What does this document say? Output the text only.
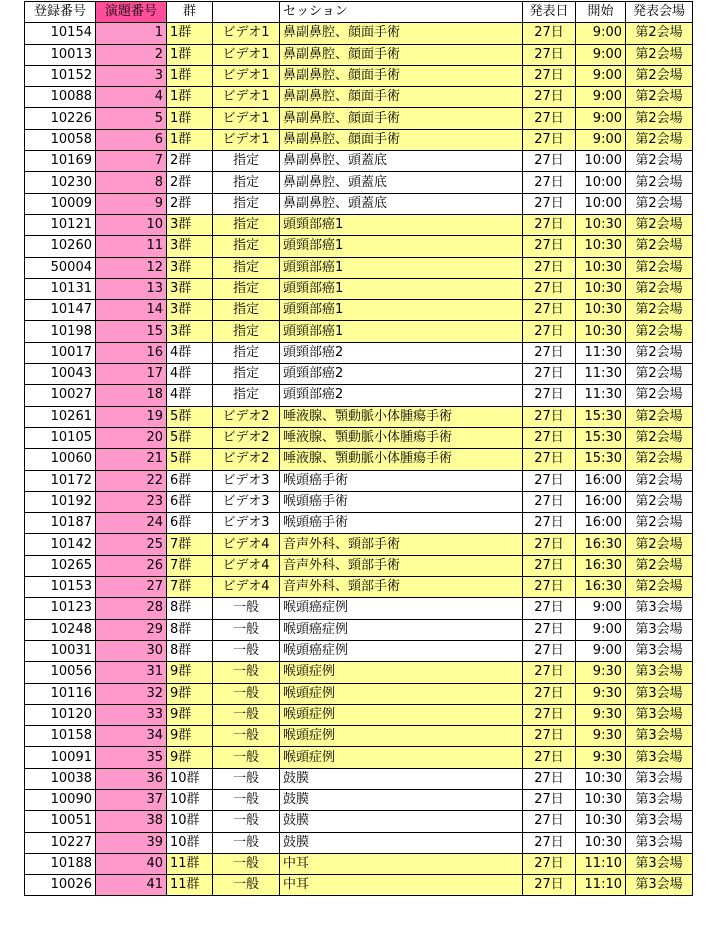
登録番号	演題番号	群		セッション	発表日	開始	発表会場
10154	1	1群	ビデオ1	鼻副鼻腔、顔面手術	27日	9:00	第2会場
10013	2	1群	ビデオ1	鼻副鼻腔、顔面手術	27日	9:00	第2会場
10152	3	1群	ビデオ1	鼻副鼻腔、顔面手術	27日	9:00	第2会場
10088	4	1群	ビデオ1	鼻副鼻腔、顔面手術	27日	9:00	第2会場
10226	5	1群	ビデオ1	鼻副鼻腔、顔面手術	27日	9:00	第2会場
10058	6	1群	ビデオ1	鼻副鼻腔、顔面手術	27日	9:00	第2会場
10169	7	2群	指定	鼻副鼻腔、頭蓋底	27日	10:00	第2会場
10230	8	2群	指定	鼻副鼻腔、頭蓋底	27日	10:00	第2会場
10009	9	2群	指定	鼻副鼻腔、頭蓋底	27日	10:00	第2会場
10121	10	3群	指定	頭頸部癌1	27日	10:30	第2会場
10260	11	3群	指定	頭頸部癌1	27日	10:30	第2会場
50004	12	3群	指定	頭頸部癌1	27日	10:30	第2会場
10131	13	3群	指定	頭頸部癌1	27日	10:30	第2会場
10147	14	3群	指定	頭頸部癌1	27日	10:30	第2会場
10198	15	3群	指定	頭頸部癌1	27日	10:30	第2会場
10017	16	4群	指定	頭頸部癌2	27日	11:30	第2会場
10043	17	4群	指定	頭頸部癌2	27日	11:30	第2会場
10027	18	4群	指定	頭頸部癌2	27日	11:30	第2会場
10261	19	5群	ビデオ2	唾液腺、顎動脈小体腫瘍手術	27日	15:30	第2会場
10105	20	5群	ビデオ2	唾液腺、顎動脈小体腫瘍手術	27日	15:30	第2会場
10060	21	5群	ビデオ2	唾液腺、顎動脈小体腫瘍手術	27日	15:30	第2会場
10172	22	6群	ビデオ3	喉頭癌手術	27日	16:00	第2会場
10192	23	6群	ビデオ3	喉頭癌手術	27日	16:00	第2会場
10187	24	6群	ビデオ3	喉頭癌手術	27日	16:00	第2会場
10142	25	7群	ビデオ4	音声外科、頸部手術	27日	16:30	第2会場
10265	26	7群	ビデオ4	音声外科、頸部手術	27日	16:30	第2会場
10153	27	7群	ビデオ4	音声外科、頸部手術	27日	16:30	第2会場
10123	28	8群	一般	喉頭癌症例	27日	9:00	第3会場
10248	29	8群	一般	喉頭癌症例	27日	9:00	第3会場
10031	30	8群	一般	喉頭癌症例	27日	9:00	第3会場
10056	31	9群	一般	喉頭症例	27日	9:30	第3会場
10116	32	9群	一般	喉頭症例	27日	9:30	第3会場
10120	33	9群	一般	喉頭症例	27日	9:30	第3会場
10158	34	9群	一般	喉頭症例	27日	9:30	第3会場
10091	35	9群	一般	喉頭症例	27日	9:30	第3会場
10038	36	10群	一般	鼓膜	27日	10:30	第3会場
10090	37	10群	一般	鼓膜	27日	10:30	第3会場
10051	38	10群	一般	鼓膜	27日	10:30	第3会場
10227	39	10群	一般	鼓膜	27日	10:30	第3会場
10188	40	11群	一般	中耳	27日	11:10	第3会場
10026	41	11群	一般	中耳	27日	11:10	第3会場
